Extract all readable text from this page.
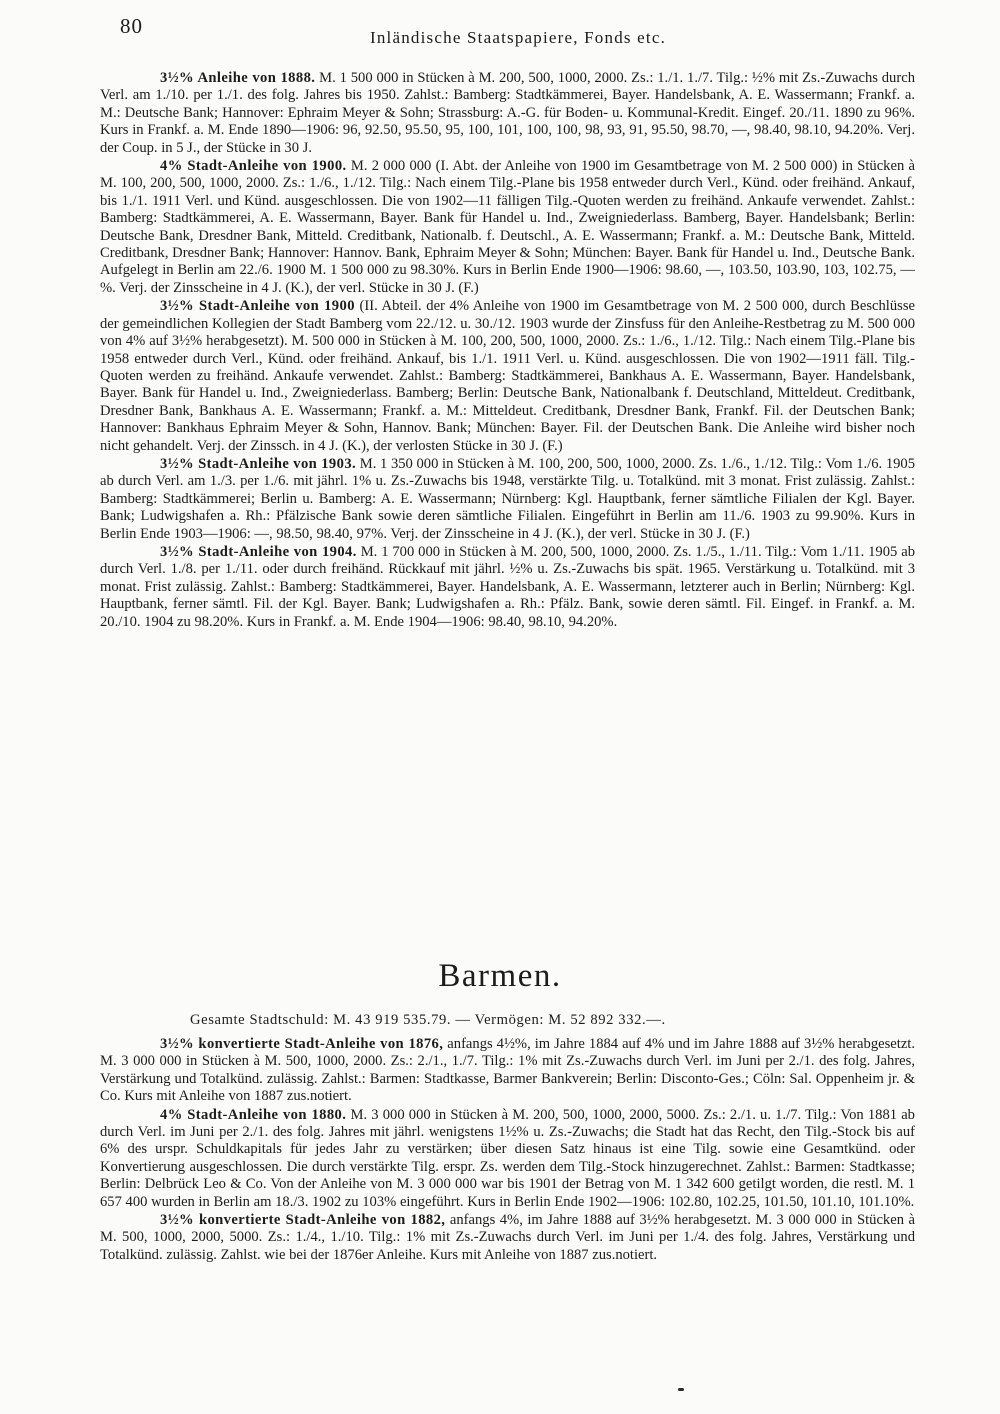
80	Inländische Staatspapiere, Fonds etc.

3½% Anleihe von 1888. M. 1 500 000 in Stücken à M. 200, 500, 1000, 2000. Zs.: 1./1. 1./7. Tilg.: ½% mit Zs.-Zuwachs durch Verl. am 1./10. per 1./1. des folg. Jahres bis 1950. Zahlst.: Bamberg: Stadtkämmerei, Bayer. Handelsbank, A. E. Wassermann; Frankf. a. M.: Deutsche Bank; Hannover: Ephraim Meyer & Sohn; Strassburg: A.-G. für Boden- u. Kommunal-Kredit. Eingef. 20./11. 1890 zu 96%. Kurs in Frankf. a. M. Ende 1890—1906: 96, 92.50, 95.50, 95, 100, 101, 100, 100, 98, 93, 91, 95.50, 98.70, —, 98.40, 98.10, 94.20%. Verj. der Coup. in 5 J., der Stücke in 30 J.

4% Stadt-Anleihe von 1900. M. 2 000 000 (I. Abt. der Anleihe von 1900 im Gesamtbetrage von M. 2 500 000) in Stücken à M. 100, 200, 500, 1000, 2000. Zs.: 1./6., 1./12. Tilg.: Nach einem Tilg.-Plane bis 1958 entweder durch Verl., Künd. oder freihänd. Ankauf, bis 1./1. 1911 Verl. und Künd. ausgeschlossen. Die von 1902—11 fälligen Tilg.-Quoten werden zu freihänd. Ankaufe verwendet. Zahlst.: Bamberg: Stadtkämmerei, A. E. Wassermann, Bayer. Bank für Handel u. Ind., Zweigniederlass. Bamberg, Bayer. Handelsbank; Berlin: Deutsche Bank, Dresdner Bank, Mitteld. Creditbank, Nationalb. f. Deutschl., A. E. Wassermann; Frankf. a. M.: Deutsche Bank, Mitteld. Creditbank, Dresdner Bank; Hannover: Hannov. Bank, Ephraim Meyer & Sohn; München: Bayer. Bank für Handel u. Ind., Deutsche Bank. Aufgelegt in Berlin am 22./6. 1900 M. 1 500 000 zu 98.30%. Kurs in Berlin Ende 1900—1906: 98.60, —, 103.50, 103.90, 103, 102.75, —%. Verj. der Zinsscheine in 4 J. (K.), der verl. Stücke in 30 J. (F.)

3½% Stadt-Anleihe von 1900 (II. Abteil. der 4% Anleihe von 1900 im Gesamtbetrage von M. 2 500 000, durch Beschlüsse der gemeindlichen Kollegien der Stadt Bamberg vom 22./12. u. 30./12. 1903 wurde der Zinsfuss für den Anleihe-Restbetrag zu M. 500 000 von 4% auf 3½% herabgesetzt). M. 500 000 in Stücken à M. 100, 200, 500, 1000, 2000. Zs.: 1./6., 1./12. Tilg.: Nach einem Tilg.-Plane bis 1958 entweder durch Verl., Künd. oder freihänd. Ankauf, bis 1./1. 1911 Verl. u. Künd. ausgeschlossen. Die von 1902—1911 fäll. Tilg.-Quoten werden zu freihänd. Ankaufe verwendet. Zahlst.: Bamberg: Stadtkämmerei, Bankhaus A. E. Wassermann, Bayer. Handelsbank, Bayer. Bank für Handel u. Ind., Zweigniederlass. Bamberg; Berlin: Deutsche Bank, Nationalbank f. Deutschland, Mitteldeut. Creditbank, Dresdner Bank, Bankhaus A. E. Wassermann; Frankf. a. M.: Mitteldeut. Creditbank, Dresdner Bank, Frankf. Fil. der Deutschen Bank; Hannover: Bankhaus Ephraim Meyer & Sohn, Hannov. Bank; München: Bayer. Fil. der Deutschen Bank. Die Anleihe wird bisher noch nicht gehandelt. Verj. der Zinssch. in 4 J. (K.), der verlosten Stücke in 30 J. (F.)

3½% Stadt-Anleihe von 1903. M. 1 350 000 in Stücken à M. 100, 200, 500, 1000, 2000. Zs. 1./6., 1./12. Tilg.: Vom 1./6. 1905 ab durch Verl. am 1./3. per 1./6. mit jährl. 1% u. Zs.-Zuwachs bis 1948, verstärkte Tilg. u. Totalkünd. mit 3 monat. Frist zulässig. Zahlst.: Bamberg: Stadtkämmerei; Berlin u. Bamberg: A. E. Wassermann; Nürnberg: Kgl. Hauptbank, ferner sämtliche Filialen der Kgl. Bayer. Bank; Ludwigshafen a. Rh.: Pfälzische Bank sowie deren sämtliche Filialen. Eingeführt in Berlin am 11./6. 1903 zu 99.90%. Kurs in Berlin Ende 1903—1906: —, 98.50, 98.40, 97%. Verj. der Zinsscheine in 4 J. (K.), der verl. Stücke in 30 J. (F.)

3½% Stadt-Anleihe von 1904. M. 1 700 000 in Stücken à M. 200, 500, 1000, 2000. Zs. 1./5., 1./11. Tilg.: Vom 1./11. 1905 ab durch Verl. 1./8. per 1./11. oder durch freihänd. Rückkauf mit jährl. ½% u. Zs.-Zuwachs bis spät. 1965. Verstärkung u. Totalkünd. mit 3 monat. Frist zulässig. Zahlst.: Bamberg: Stadtkämmerei, Bayer. Handelsbank, A. E. Wassermann, letzterer auch in Berlin; Nürnberg: Kgl. Hauptbank, ferner sämtl. Fil. der Kgl. Bayer. Bank; Ludwigshafen a. Rh.: Pfälz. Bank, sowie deren sämtl. Fil. Eingef. in Frankf. a. M. 20./10. 1904 zu 98.20%. Kurs in Frankf. a. M. Ende 1904—1906: 98.40, 98.10, 94.20%.

Barmen.
Gesamte Stadtschuld: M. 43 919 535.79. — Vermögen: M. 52 892 332.—.

3½% konvertierte Stadt-Anleihe von 1876, anfangs 4½%, im Jahre 1884 auf 4% und im Jahre 1888 auf 3½% herabgesetzt. M. 3 000 000 in Stücken à M. 500, 1000, 2000. Zs.: 2./1., 1./7. Tilg.: 1% mit Zs.-Zuwachs durch Verl. im Juni per 2./1. des folg. Jahres, Verstärkung und Totalkünd. zulässig. Zahlst.: Barmen: Stadtkasse, Barmer Bankverein; Berlin: Disconto-Ges.; Cöln: Sal. Oppenheim jr. & Co. Kurs mit Anleihe von 1887 zus.notiert.

4% Stadt-Anleihe von 1880. M. 3 000 000 in Stücken à M. 200, 500, 1000, 2000, 5000. Zs.: 2./1. u. 1./7. Tilg.: Von 1881 ab durch Verl. im Juni per 2./1. des folg. Jahres mit jährl. wenigstens 1½% u. Zs.-Zuwachs; die Stadt hat das Recht, den Tilg.-Stock bis auf 6% des urspr. Schuldkapitals für jedes Jahr zu verstärken; über diesen Satz hinaus ist eine Tilg. sowie eine Gesamtkünd. oder Konvertierung ausgeschlossen. Die durch verstärkte Tilg. erspr. Zs. werden dem Tilg.-Stock hinzugerechnet. Zahlst.: Barmen: Stadtkasse; Berlin: Delbrück Leo & Co. Von der Anleihe von M. 3 000 000 war bis 1901 der Betrag von M. 1 342 600 getilgt worden, die restl. M. 1 657 400 wurden in Berlin am 18./3. 1902 zu 103% eingeführt. Kurs in Berlin Ende 1902—1906: 102.80, 102.25, 101.50, 101.10, 101.10%.

3½% konvertierte Stadt-Anleihe von 1882, anfangs 4%, im Jahre 1888 auf 3½% herabgesetzt. M. 3 000 000 in Stücken à M. 500, 1000, 2000, 5000. Zs.: 1./4., 1./10. Tilg.: 1% mit Zs.-Zuwachs durch Verl. im Juni per 1./4. des folg. Jahres, Verstärkung und Totalkünd. zulässig. Zahlst. wie bei der 1876er Anleihe. Kurs mit Anleihe von 1887 zus.notiert.
